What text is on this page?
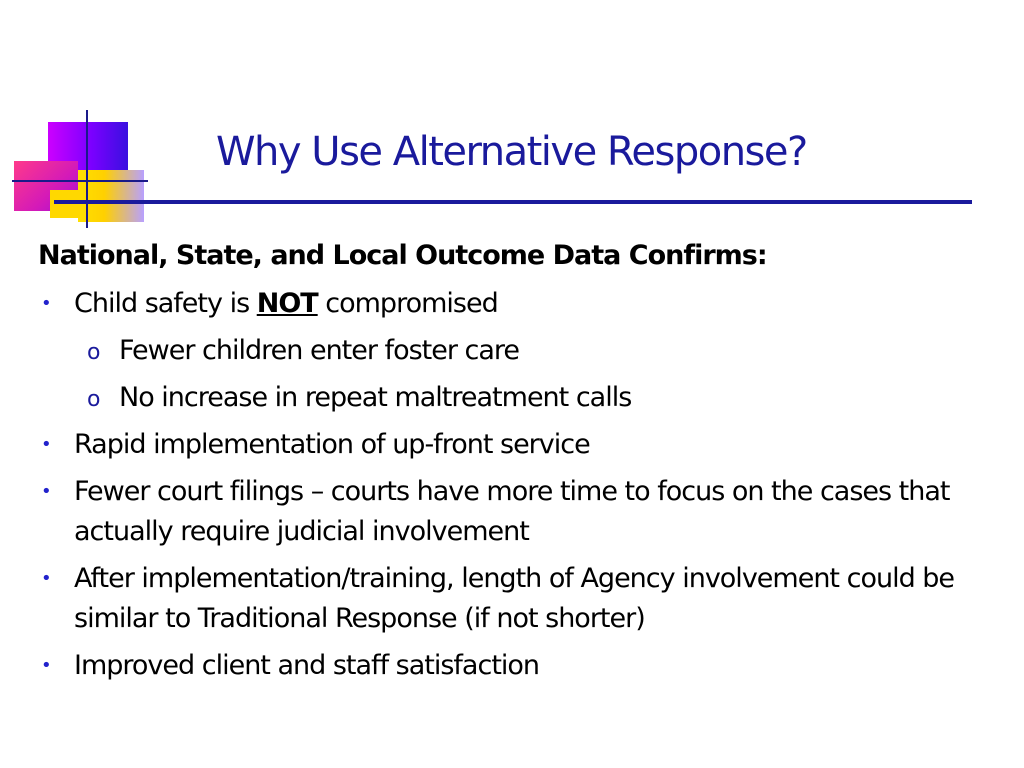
Why Use Alternative Response?
National, State, and Local Outcome Data Confirms:
• Child safety is NOT compromised
o Fewer children enter foster care
o No increase in repeat maltreatment calls
• Rapid implementation of up-front service
• Fewer court filings – courts have more time to focus on the cases that actually require judicial involvement
• After implementation/training, length of Agency involvement could be similar to Traditional Response (if not shorter)
• Improved client and staff satisfaction
